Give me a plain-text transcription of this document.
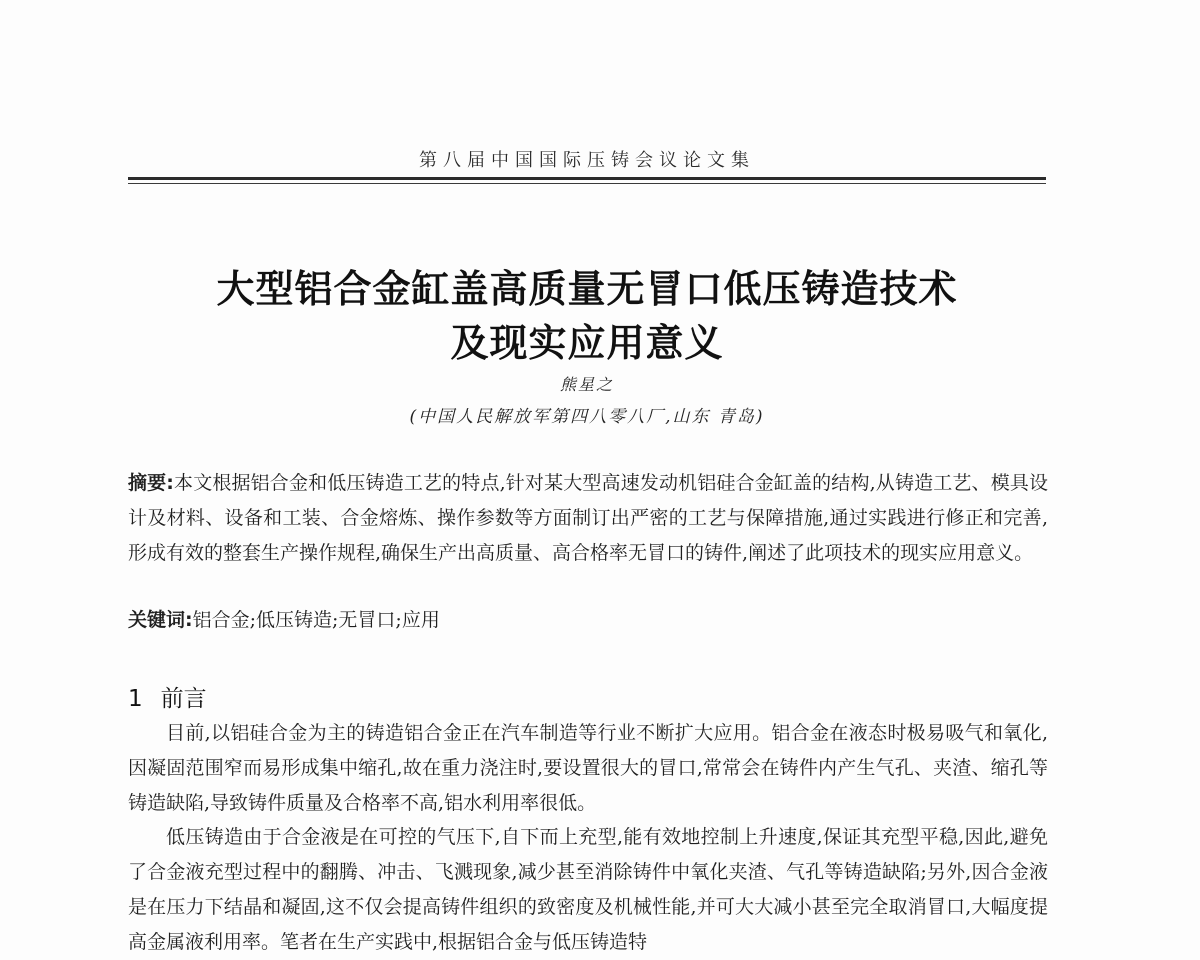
第八届中国国际压铸会议论文集
大型铝合金缸盖高质量无冒口低压铸造技术
及现实应用意义
熊星之
(中国人民解放军第四八零八厂,山东 青岛)
摘要:本文根据铝合金和低压铸造工艺的特点,针对某大型高速发动机铝硅合金缸盖的结构,从铸造工艺、模具设计及材料、设备和工装、合金熔炼、操作参数等方面制订出严密的工艺与保障措施,通过实践进行修正和完善,形成有效的整套生产操作规程,确保生产出高质量、高合格率无冒口的铸件,阐述了此项技术的现实应用意义。
关键词:铝合金;低压铸造;无冒口;应用
1 前言
目前,以铝硅合金为主的铸造铝合金正在汽车制造等行业不断扩大应用。铝合金在液态时极易吸气和氧化,因凝固范围窄而易形成集中缩孔,故在重力浇注时,要设置很大的冒口,常常会在铸件内产生气孔、夹渣、缩孔等铸造缺陷,导致铸件质量及合格率不高,铝水利用率很低。
低压铸造由于合金液是在可控的气压下,自下而上充型,能有效地控制上升速度,保证其充型平稳,因此,避免了合金液充型过程中的翻腾、冲击、飞溅现象,减少甚至消除铸件中氧化夹渣、气孔等铸造缺陷;另外,因合金液是在压力下结晶和凝固,这不仅会提高铸件组织的致密度及机械性能,并可大大减小甚至完全取消冒口,大幅度提高金属液利用率。笔者在生产实践中,根据铝合金与低压铸造特
